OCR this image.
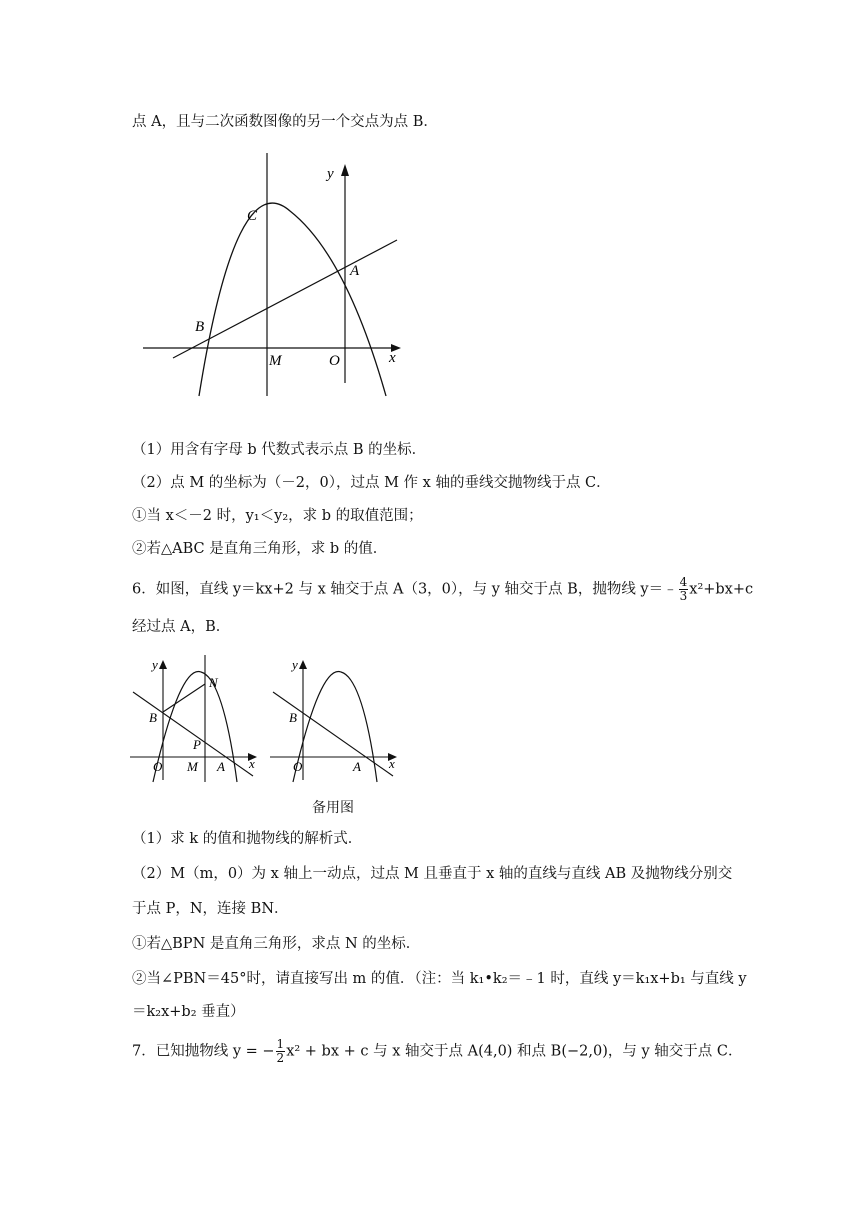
点 A，且与二次函数图像的另一个交点为点 B．
C
y
A
B
M	O	x
（1）用含有字母 b 代数式表示点 B 的坐标．
（2）点 M 的坐标为（－2，0），过点 M 作 x 轴的垂线交抛物线于点 C．
①当 x＜－2 时，y₁＜y₂，求 b 的取值范围；
②若△ABC 是直角三角形，求 b 的值．
6．如图，直线 y＝kx+2 与 x 轴交于点 A（3，0），与 y 轴交于点 B，抛物线 y＝﹣ $\frac{4}{3} x^2+bx+c$
经过点 A，B．
y
N
B
P
O M A x
y
B
O	A x
备用图
（1）求 k 的值和抛物线的解析式．
（2）M（m，0）为 x 轴上一动点，过点 M 且垂直于 x 轴的直线与直线 AB 及抛物线分别交
于点 P，N，连接 BN．
①若△BPN 是直角三角形，求点 N 的坐标．
②当∠PBN＝45°时，请直接写出 m 的值．（注：当 k₁•k₂＝﹣1 时，直线 y＝k₁x+b₁ 与直线 y
＝k₂x+b₂ 垂直）
7．已知抛物线 y = − $\frac{1}{2} x^2$ + bx + c 与 x 轴交于点 A(4,0) 和点 B(−2,0)，与 y 轴交于点 C．
